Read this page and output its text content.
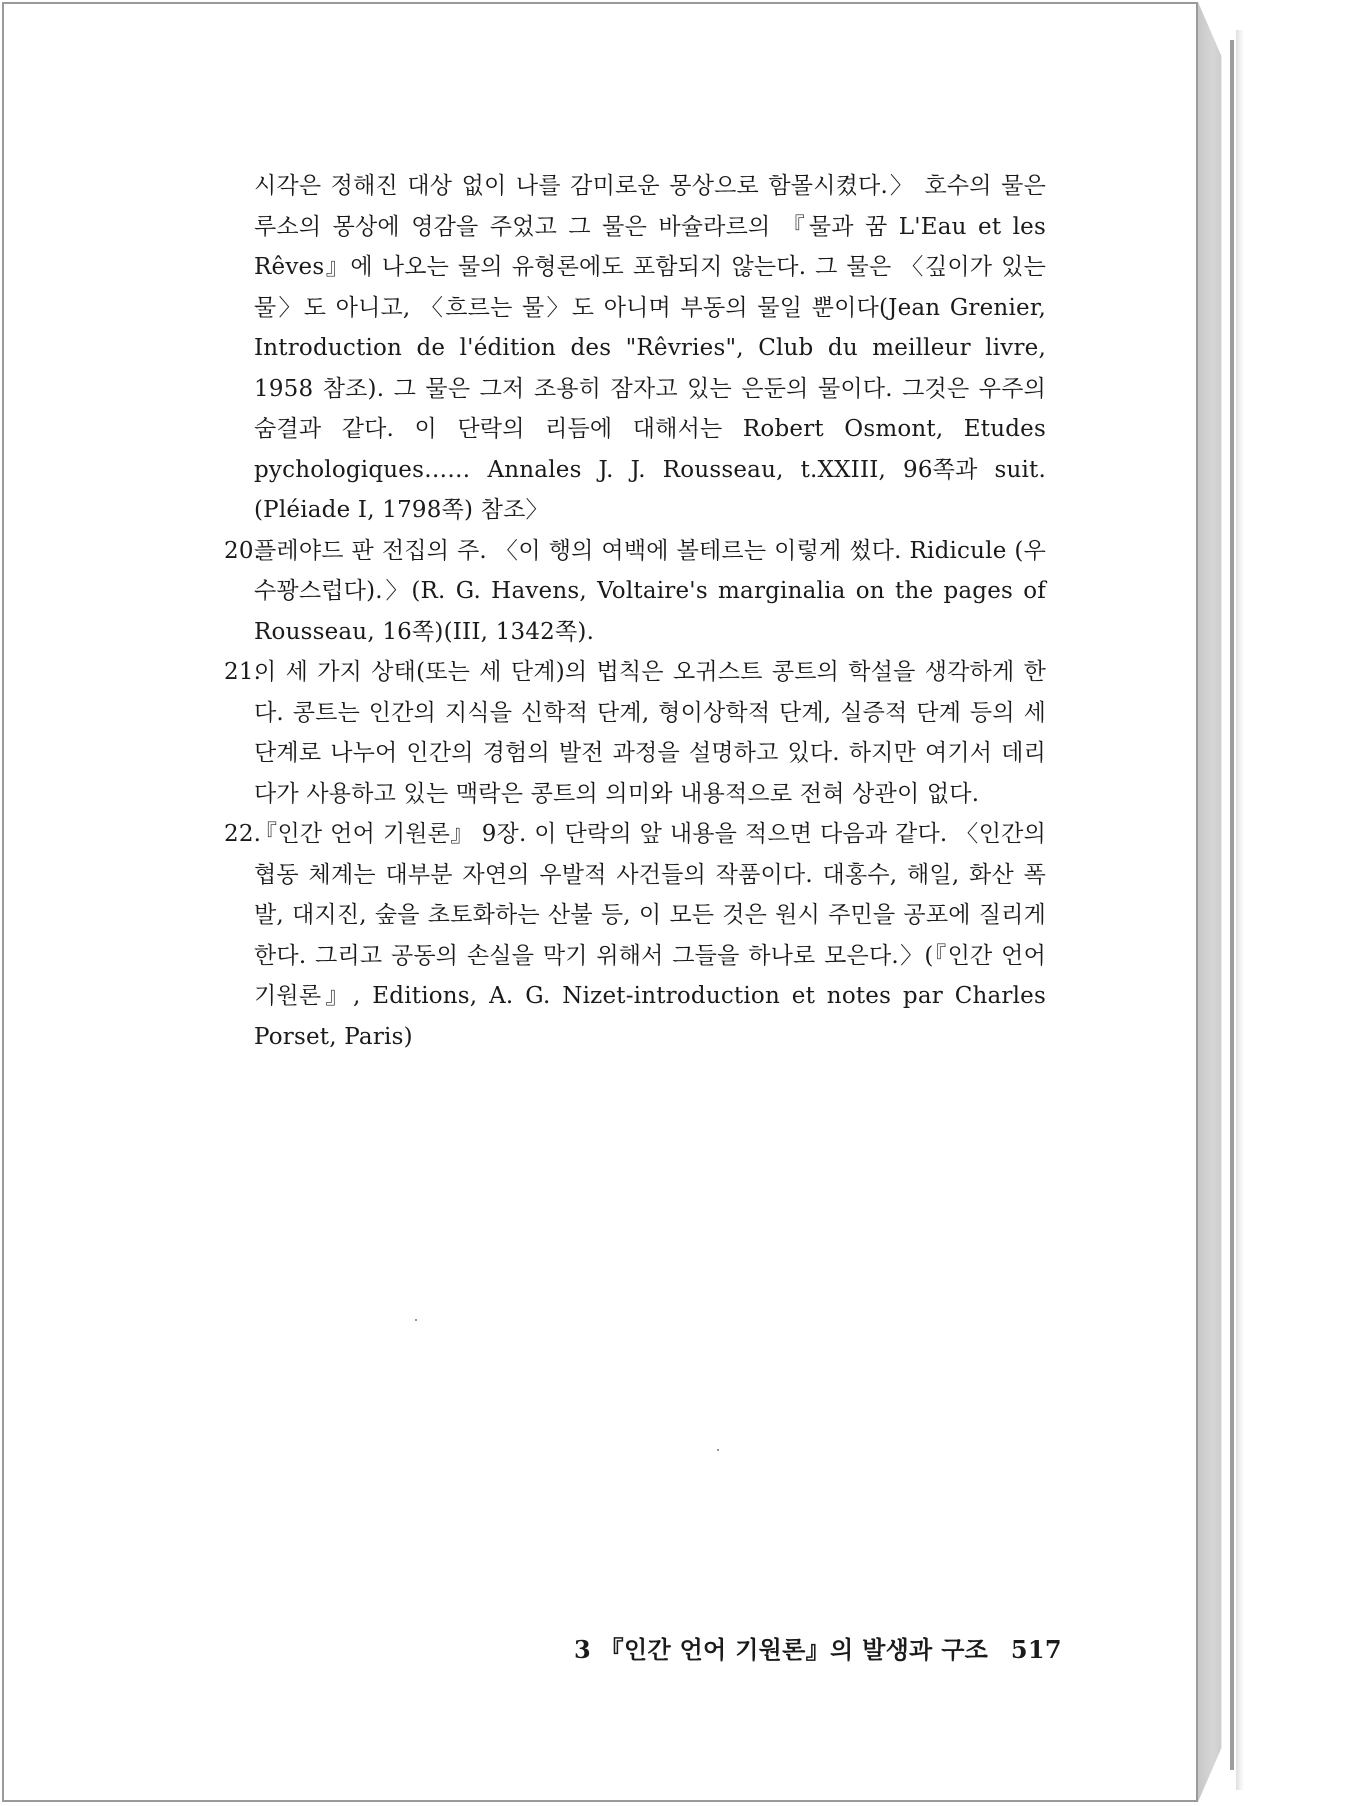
시각은 정해진 대상 없이 나를 감미로운 몽상으로 함몰시켰다.〉 호수의 물은 루소의 몽상에 영감을 주었고 그 물은 바슐라르의 『물과 꿈 L'Eau et les Rêves』에 나오는 물의 유형론에도 포함되지 않는다. 그 물은 〈깊이가 있는 물〉도 아니고, 〈흐르는 물〉도 아니며 부동의 물일 뿐이다(Jean Grenier, Introduction de l'édition des "Rêvries", Club du meilleur livre, 1958 참조). 그 물은 그저 조용히 잠자고 있는 은둔의 물이다. 그것은 우주의 숨결과 같다. 이 단락의 리듬에 대해서는 Robert Osmont, Etudes pychologiques…… Annales J. J. Rousseau, t.XXIII, 96쪽과 suit.(Pléiade I, 1798쪽) 참조〉

20.
플레야드 판 전집의 주. 〈이 행의 여백에 볼테르는 이렇게 썼다. Ridicule (우수꽝스럽다).〉(R. G. Havens, Voltaire's marginalia on the pages of Rousseau, 16쪽)(III, 1342쪽).
21.
이 세 가지 상태(또는 세 단계)의 법칙은 오귀스트 콩트의 학설을 생각하게 한다. 콩트는 인간의 지식을 신학적 단계, 형이상학적 단계, 실증적 단계 등의 세 단계로 나누어 인간의 경험의 발전 과정을 설명하고 있다. 하지만 여기서 데리다가 사용하고 있는 맥락은 콩트의 의미와 내용적으로 전혀 상관이 없다.
22.
『인간 언어 기원론』 9장. 이 단락의 앞 내용을 적으면 다음과 같다. 〈인간의 협동 체계는 대부분 자연의 우발적 사건들의 작품이다. 대홍수, 해일, 화산 폭발, 대지진, 숲을 초토화하는 산불 등, 이 모든 것은 원시 주민을 공포에 질리게 한다. 그리고 공동의 손실을 막기 위해서 그들을 하나로 모은다.〉(『인간 언어 기원론』, Editions, A. G. Nizet-introduction et notes par Charles Porset, Paris)
3 『인간 언어 기원론』의 발생과 구조 517
